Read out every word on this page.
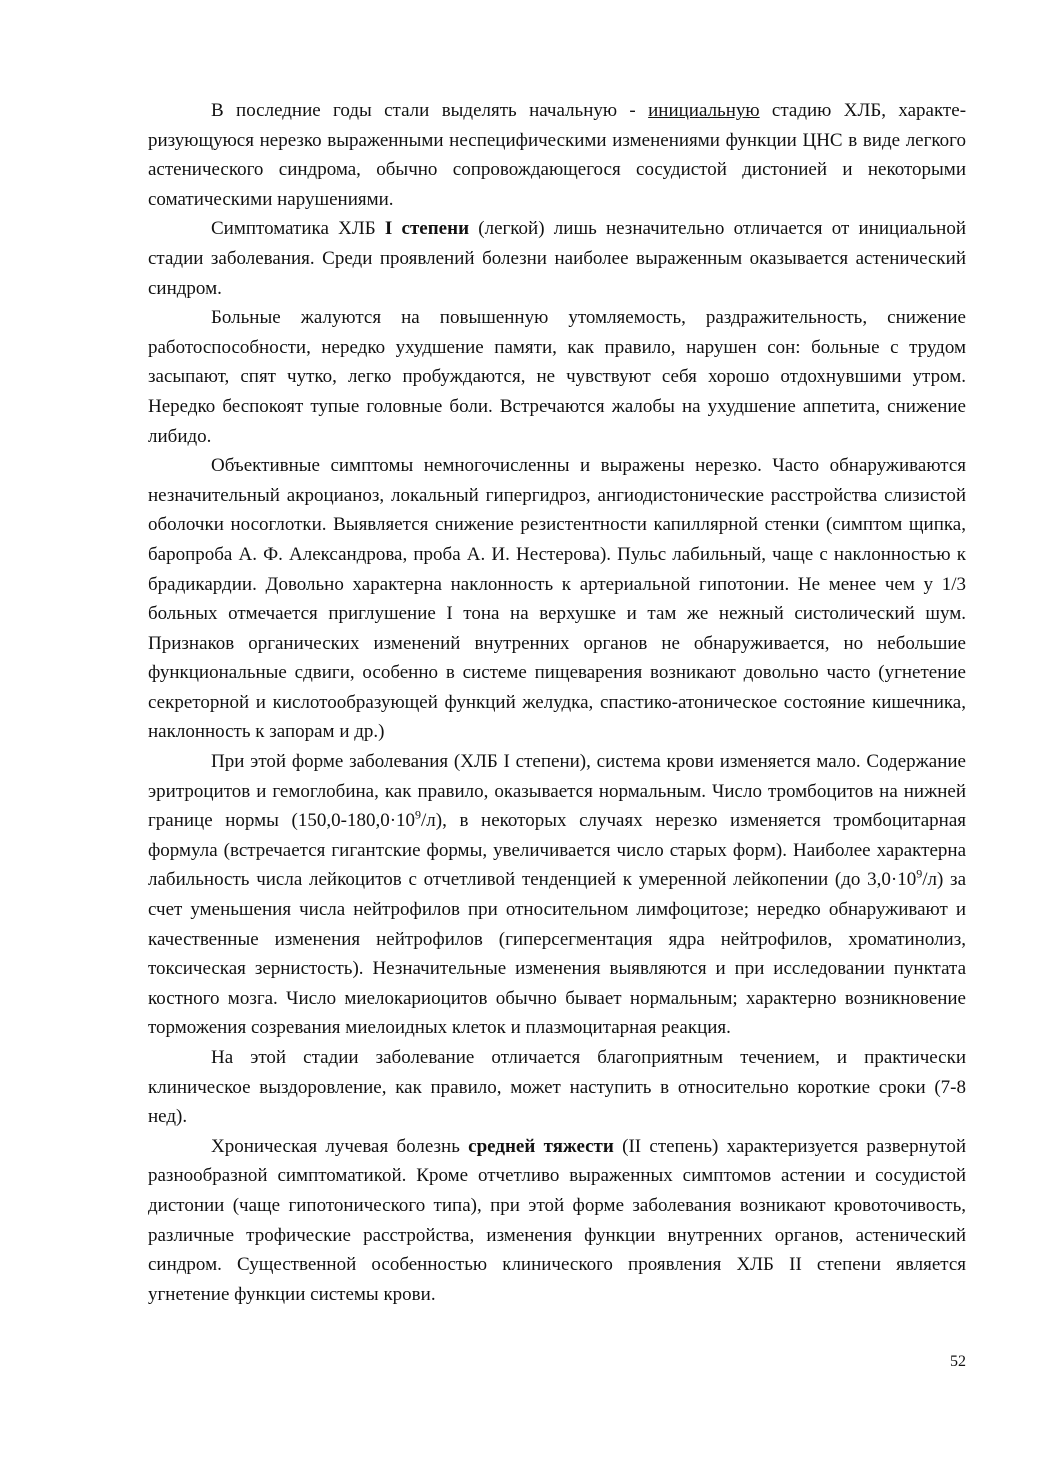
В последние годы стали выделять начальную - инициальную стадию ХЛБ, характеризующуюся нерезко выраженными неспецифическими изменениями функции ЦНС в виде легкого астенического синдрома, обычно сопровождающегося сосудистой дистонией и некоторыми соматическими нарушениями.

Симптоматика ХЛБ I степени (легкой) лишь незначительно отличается от инициальной стадии заболевания. Среди проявлений болезни наиболее выраженным оказывается астенический синдром.

Больные жалуются на повышенную утомляемость, раздражительность, снижение работоспособности, нередко ухудшение памяти, как правило, нарушен сон: больные с трудом засыпают, спят чутко, легко пробуждаются, не чувствуют себя хорошо отдохнувшими утром. Нередко беспокоят тупые головные боли. Встречаются жалобы на ухудшение аппетита, снижение либидо.

Объективные симптомы немногочисленны и выражены нерезко. Часто обнаруживаются незначительный акроцианоз, локальный гипергидроз, ангиодистонические расстройства слизистой оболочки носоглотки. Выявляется снижение резистентности капиллярной стенки (симптом щипка, баропроба А. Ф. Александрова, проба А. И. Нестерова). Пульс лабильный, чаще с наклонностью к брадикардии. Довольно характерна наклонность к артериальной гипотонии. Не менее чем у 1/3 больных отмечается приглушение I тона на верхушке и там же нежный систолический шум. Признаков органических изменений внутренних органов не обнаруживается, но небольшие функциональные сдвиги, особенно в системе пищеварения возникают довольно часто (угнетение секреторной и кислотообразующей функций желудка, спастико-атоническое состояние кишечника, наклонность к запорам и др.)

При этой форме заболевания (ХЛБ I степени), система крови изменяется мало. Содержание эритроцитов и гемоглобина, как правило, оказывается нормальным. Число тромбоцитов на нижней границе нормы $(150,0-180,0\cdot 10^9/л)$, в некоторых случаях нерезко изменяется тромбоцитарная формула (встречается гигантские формы, увеличивается число старых форм). Наиболее характерна лабильность числа лейкоцитов с отчетливой тенденцией к умеренной лейкопении (до $3,0\cdot 10^9/л$) за счет уменьшения числа нейтрофилов при относительном лимфоцитозе; нередко обнаруживают и качественные изменения нейтрофилов (гиперсегментация ядра нейтрофилов, хроматинолиз, токсическая зернистость). Незначительные изменения выявляются и при исследовании пунктата костного мозга. Число миелокариоцитов обычно бывает нормальным; характерно возникновение торможения созревания миелоидных клеток и плазмоцитарная реакция.

На этой стадии заболевание отличается благоприятным течением, и практически клиническое выздоровление, как правило, может наступить в относительно короткие сроки (7-8 нед).

Хроническая лучевая болезнь средней тяжести (II степень) характеризуется развернутой разнообразной симптоматикой. Кроме отчетливо выраженных симптомов астении и сосудистой дистонии (чаще гипотонического типа), при этой форме заболевания возникают кровоточивость, различные трофические расстройства, изменения функции внутренних органов, астенический синдром. Существенной особенностью клинического проявления ХЛБ II степени является угнетение функции системы крови.

52
